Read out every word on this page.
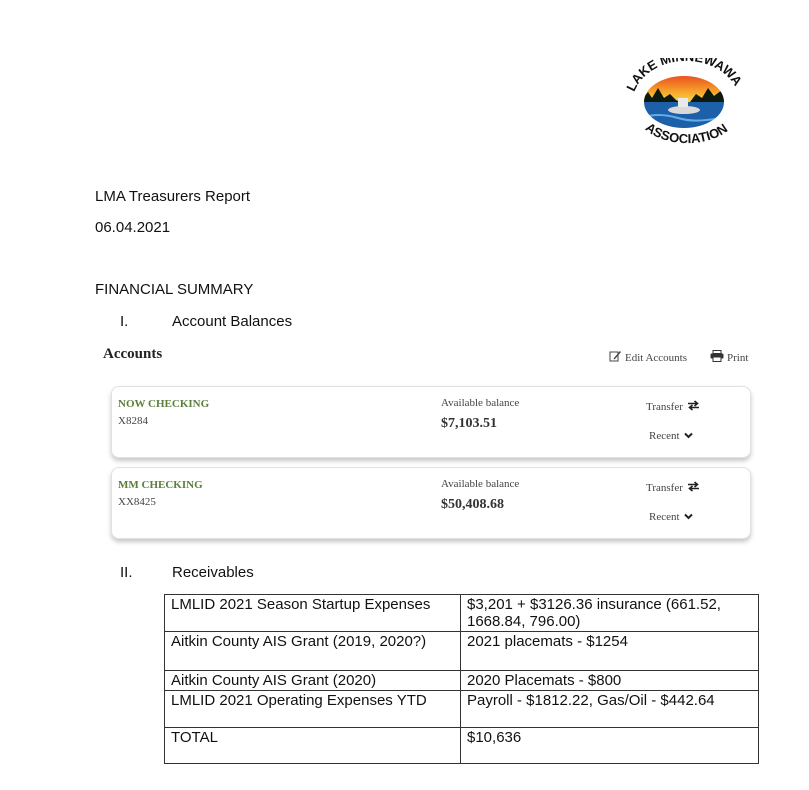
LAKE M WAWA
ASSOCIATION
LMA Treasurers Report
06.04.2021
FINANCIAL SUMMARY
I.	Account Balances
Accounts	Edit Accounts	Print
NOW CHECKING
X8284
Available balance
$7,103.51
Transfer
Recent
MM CHECKING
XX8425
Available balance
$50,408.68
Transfer
Recent
II.	Receivables
LMLID 2021 Season Startup Expenses	$3,201 + $3126.36 insurance (661.52, 1668.84, 796.00)
Aitkin County AIS Grant (2019, 2020?)	2021 placemats - $1254
Aitkin County AIS Grant (2020)	2020 Placemats - $800
LMLID 2021 Operating Expenses YTD	Payroll - $1812.22, Gas/Oil - $442.64
TOTAL	$10,636
